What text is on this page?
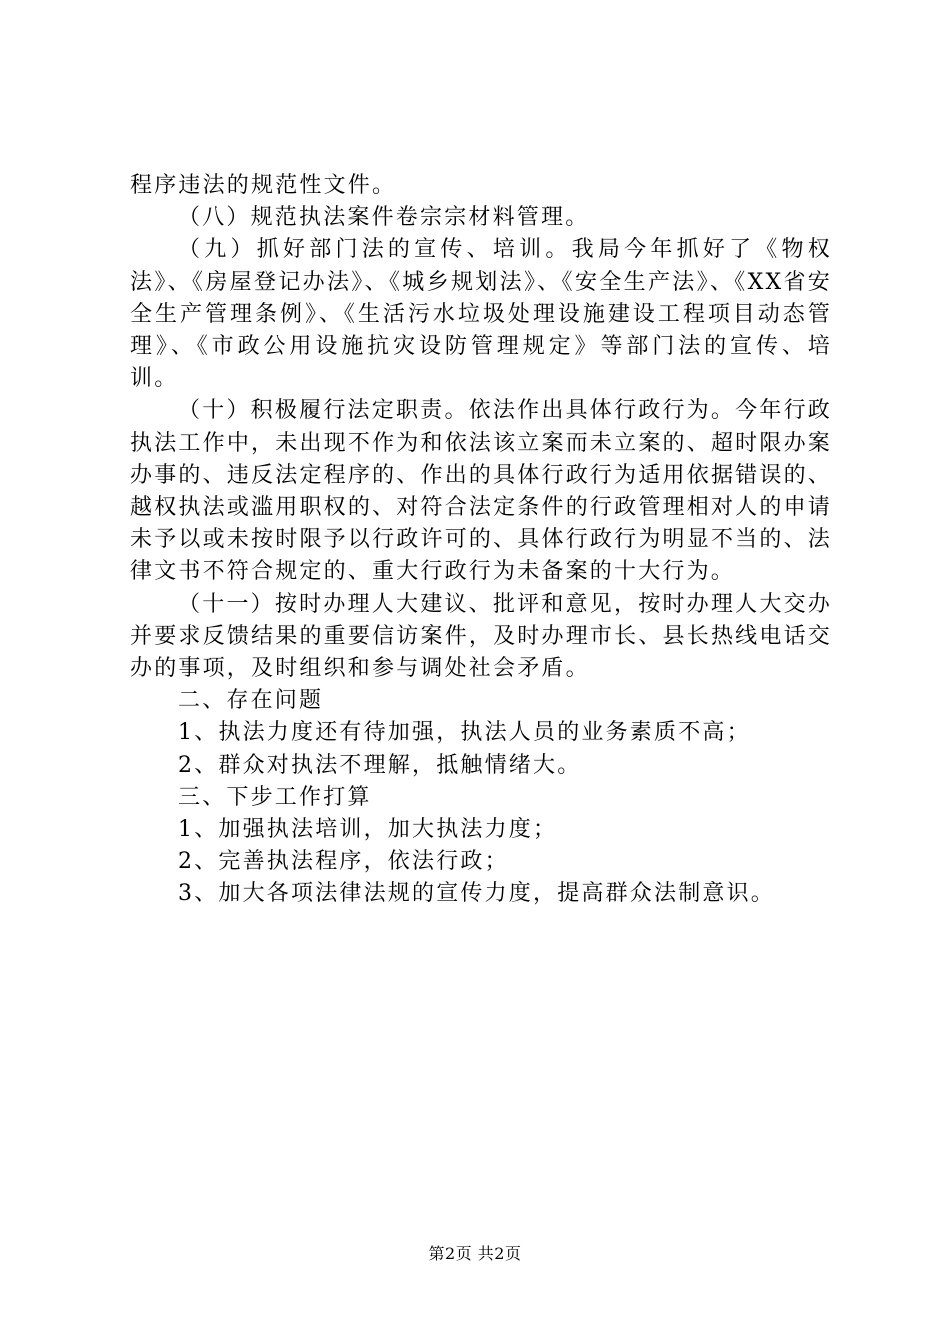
程序违法的规范性文件。

（八）规范执法案件卷宗宗材料管理。

（九）抓好部门法的宣传、培训。我局今年抓好了《物权法》、《房屋登记办法》、《城乡规划法》、《安全生产法》、《XX省安全生产管理条例》、《生活污水垃圾处理设施建设工程项目动态管理》、《市政公用设施抗灾设防管理规定》等部门法的宣传、培训。

（十）积极履行法定职责。依法作出具体行政行为。今年行政执法工作中，未出现不作为和依法该立案而未立案的、超时限办案办事的、违反法定程序的、作出的具体行政行为适用依据错误的、越权执法或滥用职权的、对符合法定条件的行政管理相对人的申请未予以或未按时限予以行政许可的、具体行政行为明显不当的、法律文书不符合规定的、重大行政行为未备案的十大行为。

（十一）按时办理人大建议、批评和意见，按时办理人大交办并要求反馈结果的重要信访案件，及时办理市长、县长热线电话交办的事项，及时组织和参与调处社会矛盾。

二、存在问题

1、执法力度还有待加强，执法人员的业务素质不高；

2、群众对执法不理解，抵触情绪大。

三、下步工作打算

1、加强执法培训，加大执法力度；

2、完善执法程序，依法行政；

3、加大各项法律法规的宣传力度，提高群众法制意识。

第2页 共2页
